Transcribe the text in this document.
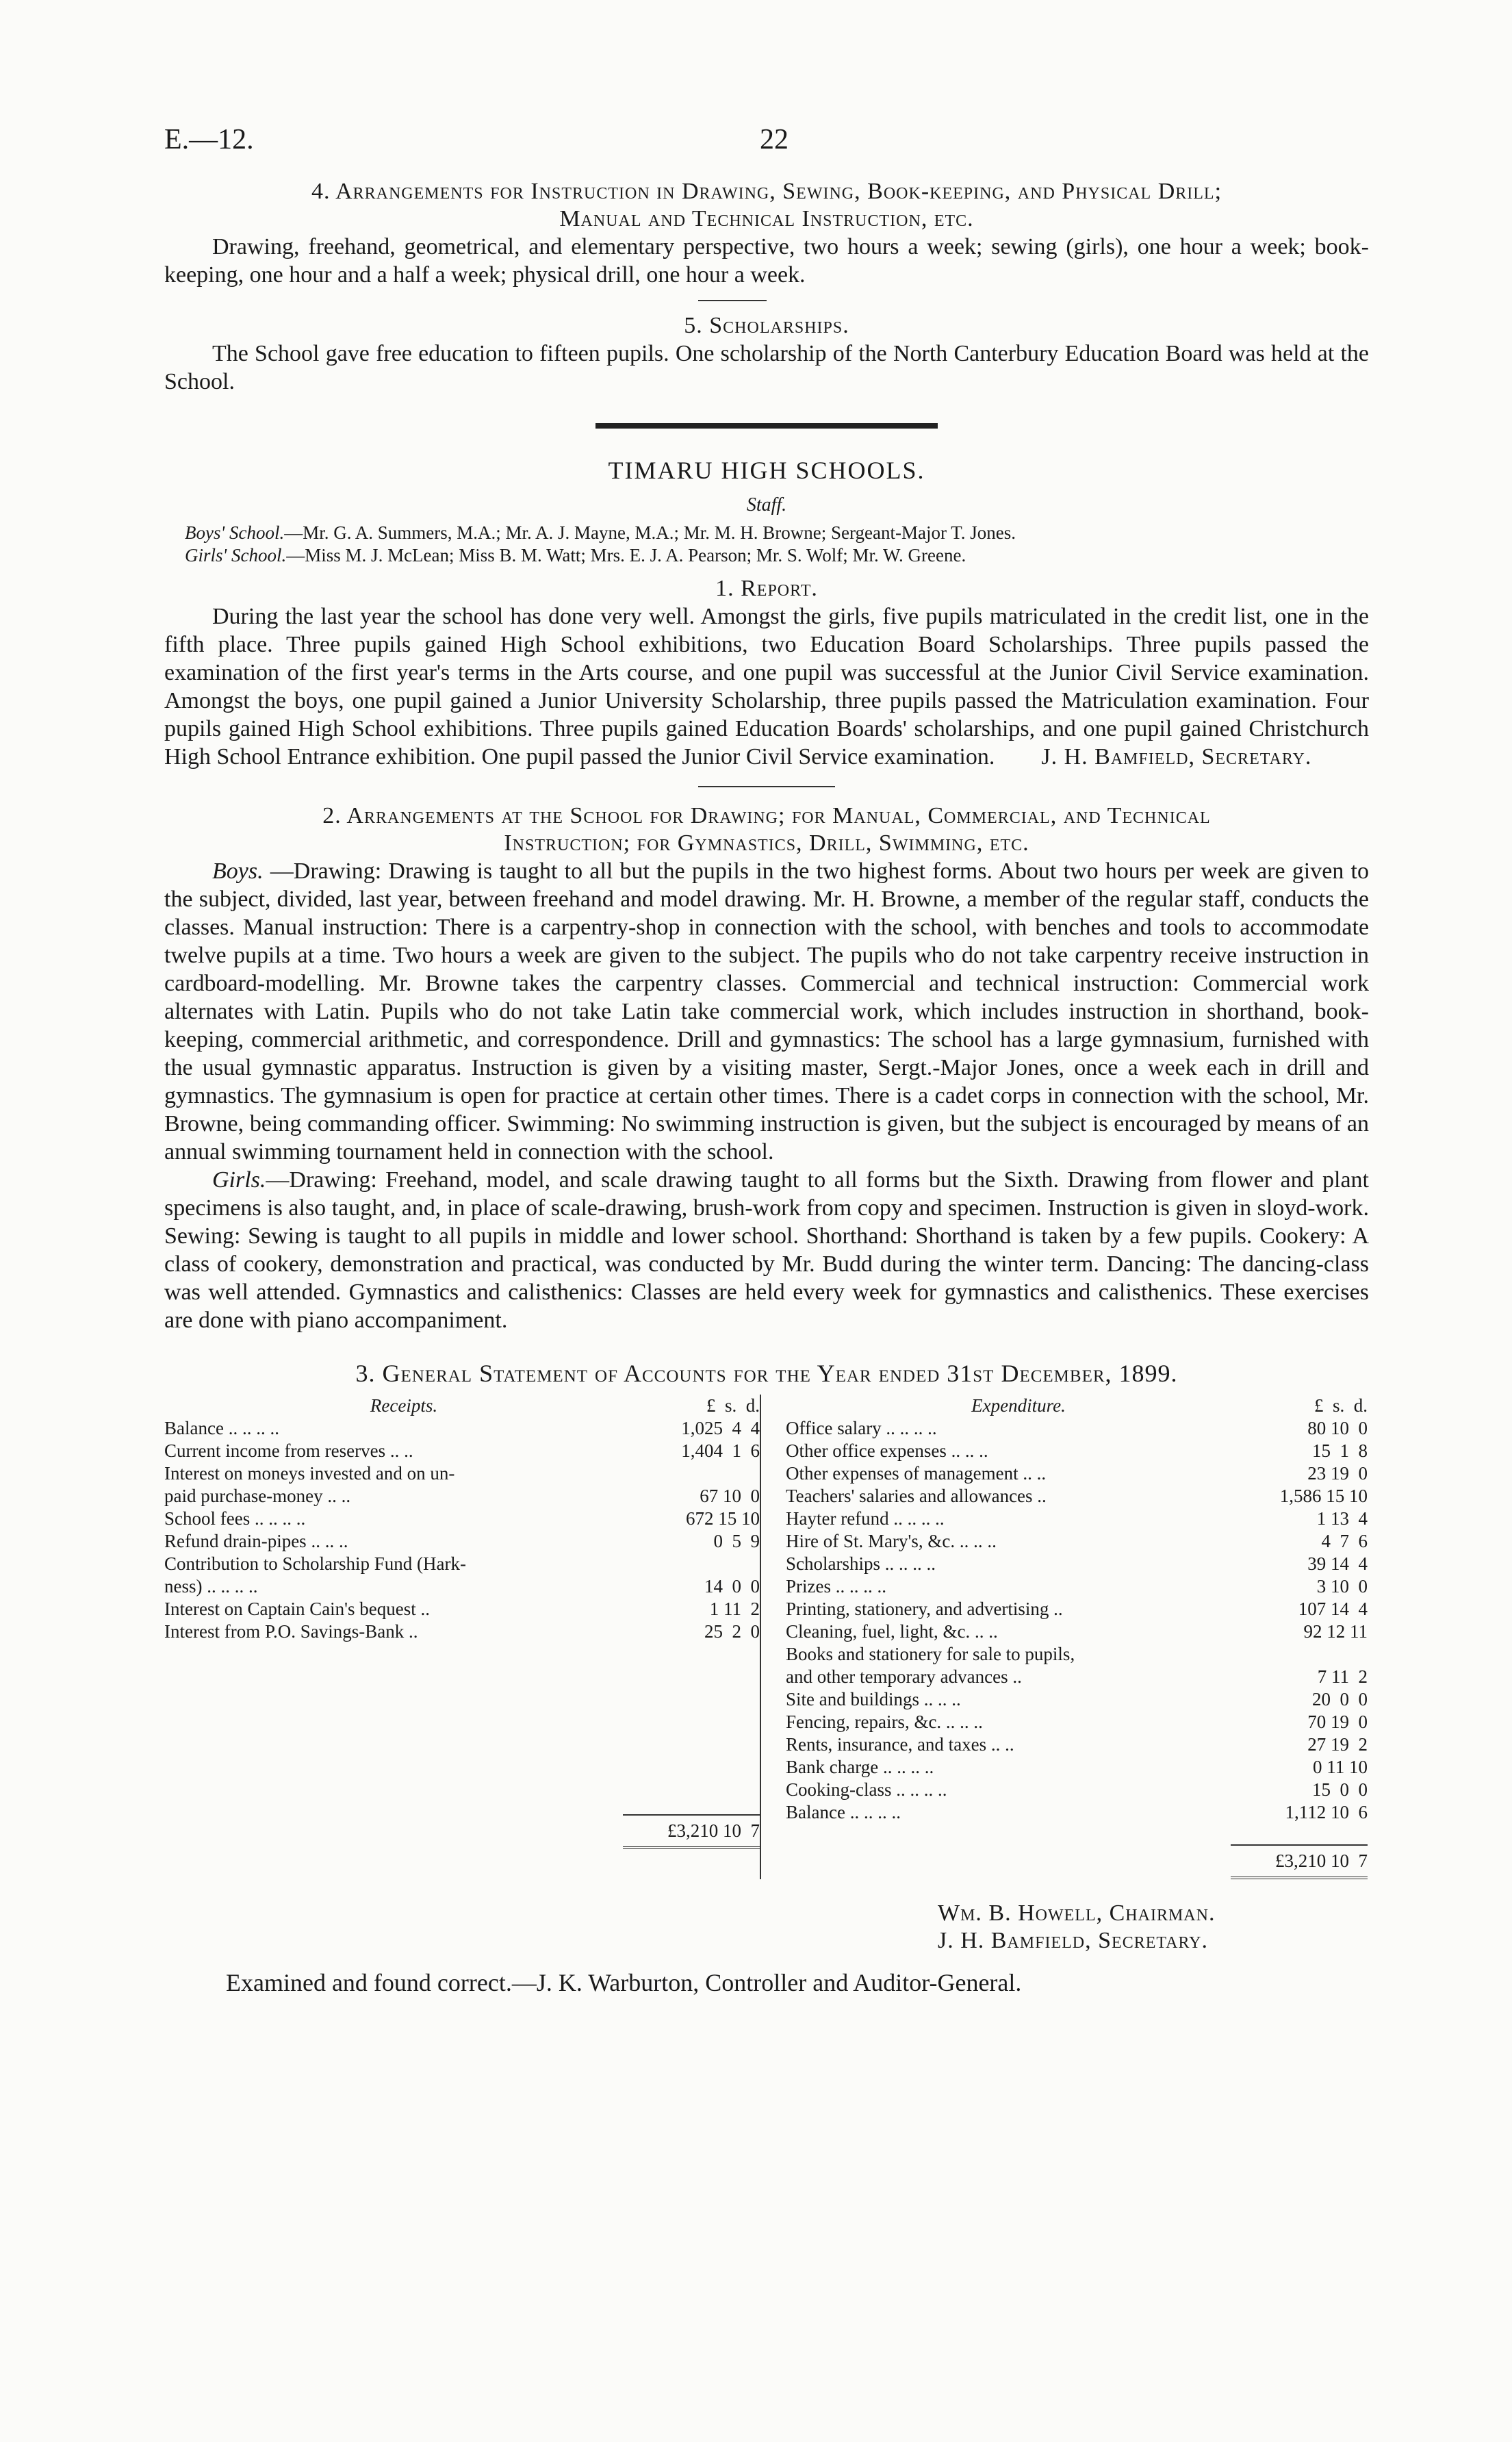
E.—12.	22
4. Arrangements for Instruction in Drawing, Sewing, Book-keeping, and Physical Drill;
Manual and Technical Instruction, etc.

Drawing, freehand, geometrical, and elementary perspective, two hours a week; sewing (girls), one hour a week; book-keeping, one hour and a half a week; physical drill, one hour a week.

5. Scholarships.

The School gave free education to fifteen pupils. One scholarship of the North Canterbury Education Board was held at the School.

TIMARU HIGH SCHOOLS.
Staff.

Boys' School.—Mr. G. A. Summers, M.A.; Mr. A. J. Mayne, M.A.; Mr. M. H. Browne; Sergeant-Major T. Jones.

Girls' School.—Miss M. J. McLean; Miss B. M. Watt; Mrs. E. J. A. Pearson; Mr. S. Wolf; Mr. W. Greene.

1. Report.

During the last year the school has done very well. Amongst the girls, five pupils matriculated in the credit list, one in the fifth place. Three pupils gained High School exhibitions, two Education Board Scholarships. Three pupils passed the examination of the first year's terms in the Arts course, and one pupil was successful at the Junior Civil Service examination. Amongst the boys, one pupil gained a Junior University Scholarship, three pupils passed the Matriculation examination. Four pupils gained High School exhibitions. Three pupils gained Education Boards' scholarships, and one pupil gained Christchurch High School Entrance exhibition. One pupil passed the Junior Civil Service examination. J. H. Bamfield, Secretary.

2. Arrangements at the School for Drawing; for Manual, Commercial, and Technical
Instruction; for Gymnastics, Drill, Swimming, etc.

Boys. —Drawing: Drawing is taught to all but the pupils in the two highest forms. About two hours per week are given to the subject, divided, last year, between freehand and model drawing. Mr. H. Browne, a member of the regular staff, conducts the classes. Manual instruction: There is a carpentry-shop in connection with the school, with benches and tools to accommodate twelve pupils at a time. Two hours a week are given to the subject. The pupils who do not take carpentry receive instruction in cardboard-modelling. Mr. Browne takes the carpentry classes. Commercial and technical instruction: Commercial work alternates with Latin. Pupils who do not take Latin take commercial work, which includes instruction in shorthand, book-keeping, commercial arithmetic, and correspondence. Drill and gymnastics: The school has a large gymnasium, furnished with the usual gymnastic apparatus. Instruction is given by a visiting master, Sergt.-Major Jones, once a week each in drill and gymnastics. The gymnasium is open for practice at certain other times. There is a cadet corps in connection with the school, Mr. Browne, being commanding officer. Swimming: No swimming instruction is given, but the subject is encouraged by means of an annual swimming tournament held in connection with the school.

Girls.—Drawing: Freehand, model, and scale drawing taught to all forms but the Sixth. Drawing from flower and plant specimens is also taught, and, in place of scale-drawing, brush-work from copy and specimen. Instruction is given in sloyd-work. Sewing: Sewing is taught to all pupils in middle and lower school. Shorthand: Shorthand is taken by a few pupils. Cookery: A class of cookery, demonstration and practical, was conducted by Mr. Budd during the winter term. Dancing: The dancing-class was well attended. Gymnastics and calisthenics: Classes are held every week for gymnastics and calisthenics. These exercises are done with piano accompaniment.

3. General Statement of Accounts for the Year ended 31st December, 1899.
Receipts.	£  s.  d.
Balance .. .. .. ..	1,025  4  4
Current income from reserves .. ..	1,404  1  6
Interest on moneys invested and on un-
paid purchase-money .. ..	67 10  0
School fees .. .. .. ..	672 15 10
Refund drain-pipes .. .. ..	0  5  9
Contribution to Scholarship Fund (Hark-
ness) .. .. .. ..	14  0  0
Interest on Captain Cain's bequest ..	1 11  2
Interest from P.O. Savings-Bank ..	25  2  0
£3,210 10  7
Expenditure.	£  s.  d.
Office salary .. .. .. ..	80 10  0
Other office expenses .. .. ..	15  1  8
Other expenses of management .. ..	23 19  0
Teachers' salaries and allowances ..	1,586 15 10
Hayter refund .. .. .. ..	1 13  4
Hire of St. Mary's, &c. .. .. ..	4  7  6
Scholarships .. .. .. ..	39 14  4
Prizes .. .. .. ..	3 10  0
Printing, stationery, and advertising ..	107 14  4
Cleaning, fuel, light, &c. .. ..	92 12 11
Books and stationery for sale to pupils,
and other temporary advances ..	7 11  2
Site and buildings .. .. ..	20  0  0
Fencing, repairs, &c. .. .. ..	70 19  0
Rents, insurance, and taxes .. ..	27 19  2
Bank charge .. .. .. ..	0 11 10
Cooking-class .. .. .. ..	15  0  0
Balance .. .. .. ..	1,112 10  6
£3,210 10  7
Wm. B. Howell, Chairman.
J. H. Bamfield, Secretary.
Examined and found correct.—J. K. Warburton, Controller and Auditor-General.
